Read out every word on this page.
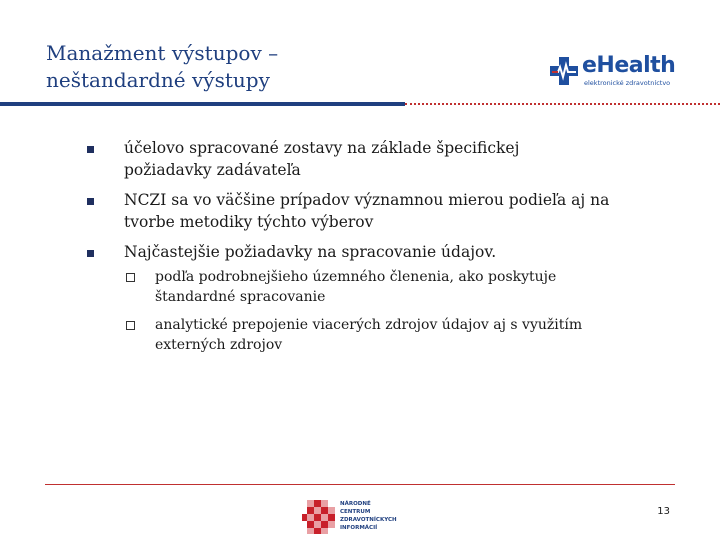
Manažment výstupov –
neštandardné výstupy
eHealth
elektronické zdravotníctvo
účelovo spracované zostavy na základe špecifickej
požiadavky zadávateľa
NCZI sa vo väčšine prípadov významnou mierou podieľa aj na
tvorbe metodiky týchto výberov
Najčastejšie požiadavky na spracovanie údajov.
podľa podrobnejšieho územného členenia, ako poskytuje
štandardné spracovanie
analytické prepojenie viacerých zdrojov údajov aj s využitím
externých zdrojov
NÁRODNÉ
CENTRUM
ZDRAVOTNÍCKYCH
INFORMÁCIÍ
13
